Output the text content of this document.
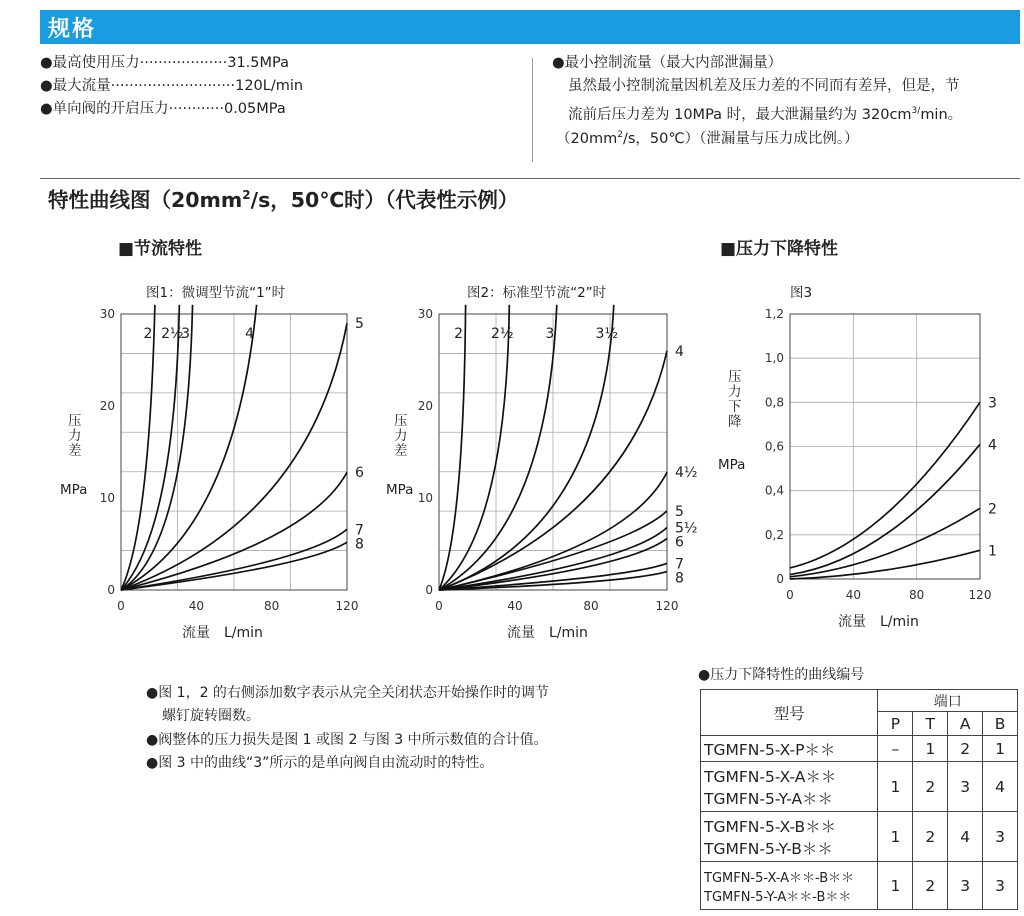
规格
●最高使用压力···················31.5MPa
●最大流量···························120L/min
●单向阀的开启压力············0.05MPa
●最小控制流量（最大内部泄漏量）
虽然最小控制流量因机差及压力差的不同而有差异，但是，节
流前后压力差为 10MPa 时，最大泄漏量约为 $320cm^{3/}\min$。
（$20mm^2/s$，50℃）（泄漏量与压力成比例。）
特性曲线图（$20mm^2/s$，50℃时）（代表性示例）
■节流特性	■压力下降特性
图1：微调型节流“1”时	图2：标准型节流“2”时	图3
压力差
MPa
压力差
MPa
压力下降
MPa
流量　L/min	流量　L/min
流量　L/min
0	40	80	120
0
10
20
30
2 2½
3	4
5
6
7
8
0	40	80	120
0
10
20
30
2 2½ 3	3½
4
4½
5
5½
6
7
8
0	40	80	120
0
0,2
0,4
0,6
0,8
1,0
1,2
1
2
4
3
●图 1，2 的右侧添加数字表示从完全关闭状态开始操作时的调节
螺钉旋转圈数。
●阀整体的压力损失是图 1 或图 2 与图 3 中所示数值的合计值。
●图 3 中的曲线“3”所示的是单向阀自由流动时的特性。
●压力下降特性的曲线编号
型号	端口			
	P	T	A	B
TGMFN-5-X-P＊＊	–	1	2	1

TGMFN-5-X-A＊＊
TGMFN-5-Y-A＊＊	1	2	3	4

TGMFN-5-X-B＊＊
TGMFN-5-Y-B＊＊	1	2	4	3

TGMFN-5-X-A＊＊-B＊＊
TGMFN-5-Y-A＊＊-B＊＊	1	2	3	3
